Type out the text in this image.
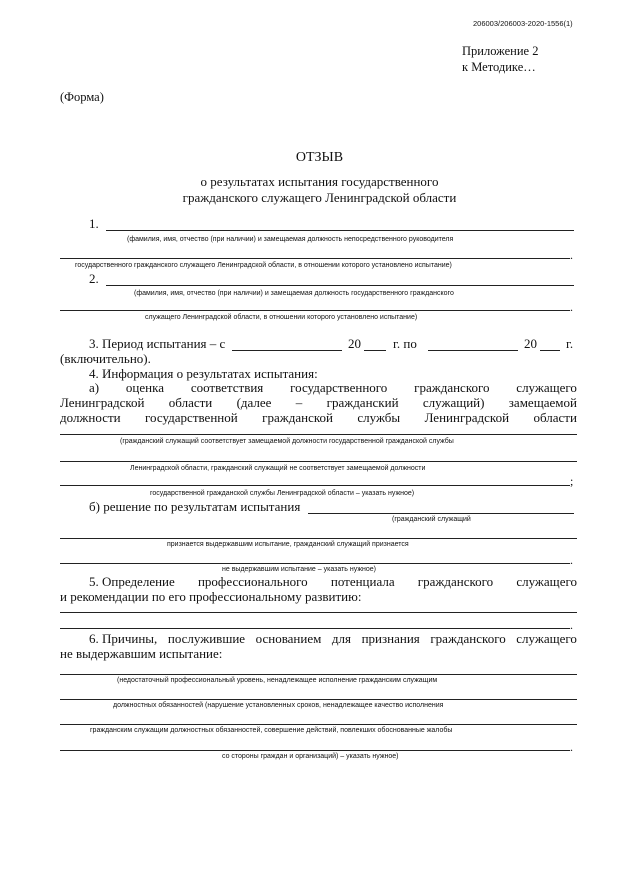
206003/206003-2020-1556(1)
Приложение 2
к Методике…
(Форма)
ОТЗЫВ
о результатах испытания государственного
гражданского служащего Ленинградской области
1.
(фамилия, имя, отчество (при наличии) и замещаемая должность непосредственного руководителя
.
государственного гражданского служащего Ленинградской области, в отношении которого установлено испытание)
2.
(фамилия, имя, отчество (при наличии) и замещаемая должность государственного гражданского
.
служащего Ленинградской области, в отношении которого установлено испытание)
3. Период испытания – с	20 г. по	20 г.
(включительно).
4. Информация о результатах испытания:
а) оценка соответствия государственного гражданского служащего
Ленинградской области (далее – гражданский служащий) замещаемой
должности государственной гражданской службы Ленинградской области
(гражданский служащий соответствует замещаемой должности государственной гражданской службы
Ленинградской области, гражданский служащий не соответствует замещаемой должности
;
государственной гражданской службы Ленинградской области – указать нужное)
б) решение по результатам испытания
(гражданский служащий
признается выдержавшим испытание, гражданский служащий признается
.
не выдержавшим испытание – указать нужное)
5. Определение профессионального потенциала гражданского служащего
и рекомендации по его профессиональному развитию:
.
6. Причины, послужившие основанием для признания гражданского служащего
не выдержавшим испытание:
(недостаточный профессиональный уровень, ненадлежащее исполнение гражданским служащим
должностных обязанностей (нарушение установленных сроков, ненадлежащее качество исполнения
гражданским служащим должностных обязанностей, совершение действий, повлекших обоснованные жалобы
.
со стороны граждан и организаций) – указать нужное)
